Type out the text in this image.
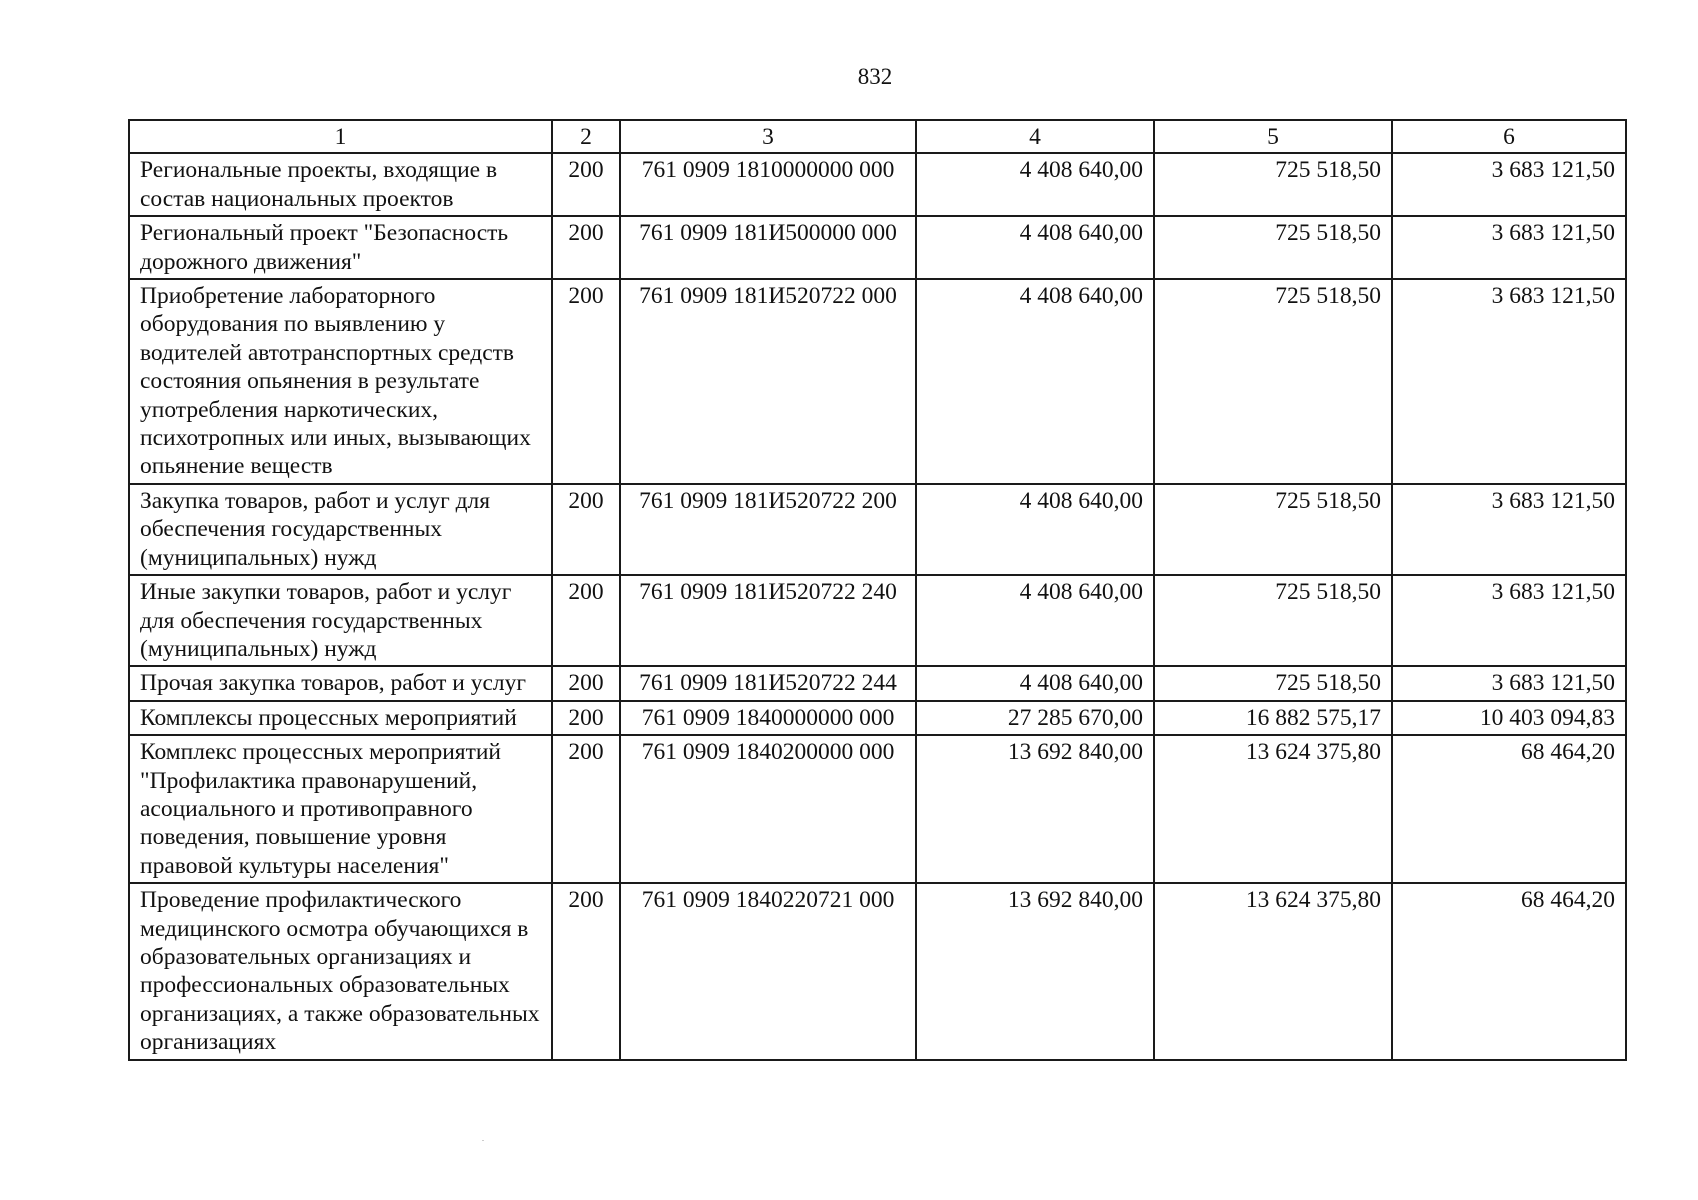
832
1	2	3	4	5	6
Региональные проекты, входящие в состав национальных проектов	200	761 0909 1810000000 000	4 408 640,00	725 518,50	3 683 121,50
Региональный проект "Безопасность дорожного движения"	200	761 0909 181И500000 000	4 408 640,00	725 518,50	3 683 121,50
Приобретение лабораторного оборудования по выявлению у водителей автотранспортных средств состояния опьянения в результате употребления наркотических, психотропных или иных, вызывающих опьянение веществ	200	761 0909 181И520722 000	4 408 640,00	725 518,50	3 683 121,50
Закупка товаров, работ и услуг для обеспечения государственных (муниципальных) нужд	200	761 0909 181И520722 200	4 408 640,00	725 518,50	3 683 121,50
Иные закупки товаров, работ и услуг для обеспечения государственных (муниципальных) нужд	200	761 0909 181И520722 240	4 408 640,00	725 518,50	3 683 121,50
Прочая закупка товаров, работ и услуг	200	761 0909 181И520722 244	4 408 640,00	725 518,50	3 683 121,50
Комплексы процессных мероприятий	200	761 0909 1840000000 000	27 285 670,00	16 882 575,17	10 403 094,83
Комплекс процессных мероприятий "Профилактика правонарушений, асоциального и противоправного поведения, повышение уровня правовой культуры населения"	200	761 0909 1840200000 000	13 692 840,00	13 624 375,80	68 464,20
Проведение профилактического медицинского осмотра обучающихся в образовательных организациях и профессиональных образовательных организациях, а также образовательных организациях	200	761 0909 1840220721 000	13 692 840,00	13 624 375,80	68 464,20
